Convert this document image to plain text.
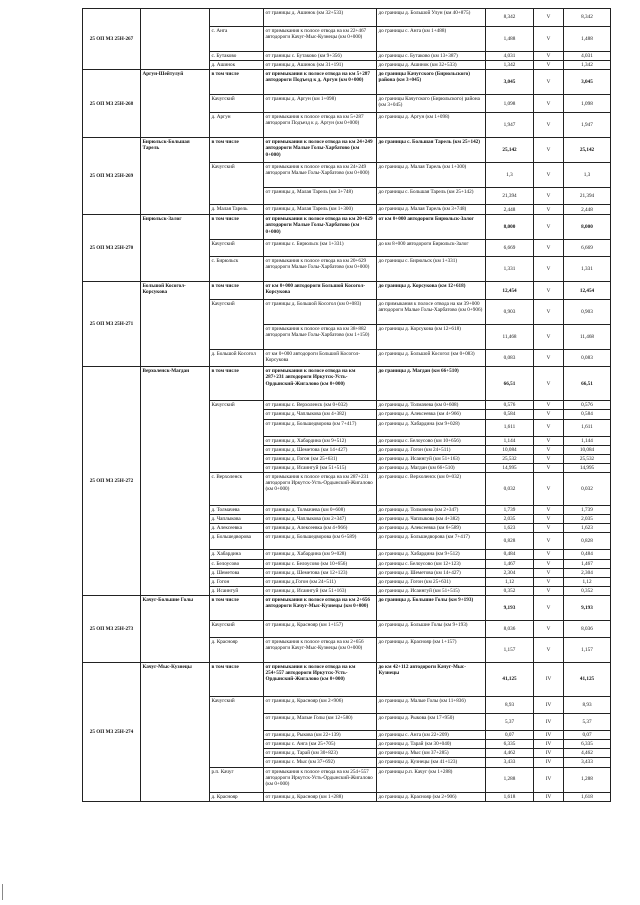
25 ОП МЗ 25Н-267			от границы д. Ашинок (км 32+533)	до границы д. Большой Улун (км 40+875)	8,342	V	8,342
		с. Анга	от примыкания к полосе отвода на км 22+467 автодороги Качуг-Мыс-Кузнецы (км 0+000)	до границы с. Анга (км 1+488)	1,488	V	1,488
		с. Бутаково	от границы с. Бутаково (км 9+356)	до границы с. Бутаково (км 13+387)	4,031	V	4,031
		д. Ашинок	от границы д. Ашинок (км 31+191)	до границы д. Ашинок (км 32+533)	1,342	V	1,342
25 ОП МЗ 25Н-268	Аргун-Шейтулуй	в том числе	от примыкания к полосе отвода на км 5+287 автодороги Подъезд к д. Аргун (км 0+000)	до границы Качугского (Бирюльского) района (км 3+045)	3,045	V	3,045
		Качугский	от границы д. Аргун (км 1+098)	до границы Качугского (Бирюльского) района (км 3+045)	1,098	V	1,098
		д. Аргун	от примыкания к полосе отвода на км 5+287 автодороги Подъезд к д. Аргун (км 0+000)	до границы д. Аргун (км 1+098)	1,947	V	1,947
25 ОП МЗ 25Н-269	Бирюльск-Большая Тарель	в том числе	от примыкания к полосе отвода на км 24+249 автодороги Малые Голы-Харбатово (км 0+000)	до границы с. Большая Тарель (км 25+142)	25,142	V	25,142
		Качугский	от примыкания к полосе отвода на км 24+249 автодороги Малые Голы-Харбатово (км 0+000)	до границы д. Малая Тарель (км 1+300)	1,3	V	1,3
			от границы д. Малая Тарель (км 3+748)	до границы с. Большая Тарель (км 25+142)	21,394	V	21,394
		д. Малая Тарель	от границы д. Малая Тарель (км 1+300)	до границы д. Малая Тарель (км 3+748)	2,448	V	2,448
25 ОП МЗ 25Н-270	Бирюльск-Залог	в том числе	от примыкания к полосе отвода на км 20+629 автодороги Малые Голы-Харбатово (км 0+000)	от км 0+000 автодороги Бирюльск-Залог	8,000	V	8,000
		Качугский	от границы с. Бирюльск (км 1+331)	до км 8+000 автодороги Бирюльск-Залог	6,669	V	6,669
		с. Бирюльск	от примыкания к полосе отвода на км 20+629 автодороги Малые Голы-Харбатово (км 0+000)	до границы с. Бирюльск (км 1+331)	1,331	V	1,331
25 ОП МЗ 25Н-271	Большой Косогол-Корсукова	в том числе	от км 0+000 автодороги Большой Косогол-Корсукова	до границы д. Корсукова (км 12+618)	12,454	V	12,454
		Качугский	от границы д. Большой Косогол (км 0+083)	до примыкания к полосе отвода на км 39+000 автодороги Малые Голы-Харбатово (км 0+906)	0,903	V	0,903
			от примыкания к полосе отвода на км 38+882 автодороги Малые Голы-Харбатово (км 1+150)	до границы д. Корсукова (км 12+618)	11,468	V	11,468
		д. Большой Косогол	от км 0+000 автодороги Большой Косогол-Корсукова	до границы д. Большой Косогол (км 0+083)	0,083	V	0,083
25 ОП МЗ 25Н-272	Верхоленск-Магдан	в том числе	от примыкания к полосе отвода на км 287+231 автодороги Иркутск-Усть-Ордынский-Жигалово (км 0+000)	до границы д. Магдан (км 66+510)	66,51	V	66,51
		Качугский	от границы с. Верхоленск (км 0+032)	до границы д. Толмачева (км 0+608)	0,576	V	0,576
			от границы д. Чаплыкова (км 4+382)	до границы д. Алексеевка (км 4+966)	0,584	V	0,584
			от границы д. Большедворова (км 7+417)	до границы д. Хабардина (км 9+028)	1,611	V	1,611
			от границы д. Хабардина (км 9+512)	до границы с. Белоусово (км 10+656)	1,144	V	1,144
			от границы д. Шеметова (км 14+427)	до границы д. Гогон (км 24+511)	10,084	V	10,084
			от границы д. Гогон (км 25+631)	до границы д. Исаингуй (км 51+163)	25,532	V	25,532
			от границы д. Исаингуй (км 51+515)	до границы д. Магдан (км 66+510)	14,995	V	14,995
		с. Верхоленск	от примыкания к полосе отвода на км 287+231 автодороги Иркутск-Усть-Ордынский-Жигалово (км 0+000)	до границы с. Верхоленск (км 0+032)	0,032	V	0,032
		д. Толмачева	от границы д. Толмачева (км 0+608)	до границы д. Толмачева (км 2+347)	1,739	V	1,739
		д. Чаплыкова	от границы д. Чаплыкова (км 2+347)	до границы д. Чаплыкова (км 4+382)	2,035	V	2,035
		д. Алексеевка	от границы д. Алексеевка (км 4+966)	до границы д. Алексеевка (км 6+589)	1,623	V	1,623
		д. Большедворова	от границы д. Большедворова (км 6+589)	до границы д. Большедворова (км 7+417)	0,828	V	0,828
		д. Хабардина	от границы д. Хабардина (км 9+028)	до границы д. Хабардина (км 9+512)	0,484	V	0,484
		с. Белоусово	от границы с. Белоусово (км 10+656)	до границы с. Белоусово (км 12+123)	1,467	V	1,467
		д. Шеметова	от границы д. Шеметова (км 12+123)	до границы д. Шеметова (км 14+427)	2,304	V	2,304
		д. Гогон	от границы д.Гогон (км 24+511)	до границы д. Гогон (км 25+631)	1,12	V	1,12
		д. Исаингуй	от границы д. Исаингуй (км 51+163)	до границы д. Исаингуй (км 51+515)	0,352	V	0,352
25 ОП МЗ 25Н-273	Качуг-Большие Голы	в том числе	от примыкания к полосе отвода на км 2+656 автодороги Качуг-Мыс-Кузнецы (км 0+000)	до границы д. Большие Голы (км 9+193)	9,193	V	9,193
		Качугский	от границы д. Краснояр (км 1+157)	до границы д. Большие Голы (км 9+193)	8,036	V	8,036
		д. Краснояр	от примыкания к полосе отвода на км 2+656 автодороги Качуг-Мыс-Кузнецы (км 0+000)	до границы д. Краснояр (км 1+157)	1,157	V	1,157
25 ОП МЗ 25Н-274	Качуг-Мыс-Кузнецы	в том числе	от примыкания к полосе отвода на км 254+557 автодороги Иркутск-Усть-Ордынский-Жигалово (км 0+000)	до км 42+112 автодороги Качуг-Мыс-Кузнецы	41,125	IV	41,125
		Качугский	от границы д. Краснояр (км 2+906)	до границы д. Малые Голы (км 11+836)	8,93	IV	8,93
			от границы д. Малые Голы (км 12+580)	до границы д. Рыкова (км 17+950)	5,37	IV	5,37
			от границы д. Рыкова (км 22+139)	до границы с. Анга (км 22+209)	0,07	IV	0,07
			от границы с. Анга (км 25+705)	до границы д. Тарай (км 30+040)	6,335	IV	6,335
			от границы д. Тарай (км 30+823)	до границы д. Мыс (км 37+285)	4,462	IV	4,462
			от границы с. Мыс (км 37+692)	до границы д. Кузнецы (км 41+123)	3,433	IV	3,433
		р.п. Качуг	от примыкания к полосе отвода на км 254+557 автодороги Иркутск-Усть-Ордынский-Жигалово (км 0+000)	до границы р.п. Качуг (км 1+288)	1,288	IV	1,288
		д. Краснояр	от границы д. Краснояр (км 1+288)	до границы д. Краснояр (км 2+906)	1,618	IV	1,618
